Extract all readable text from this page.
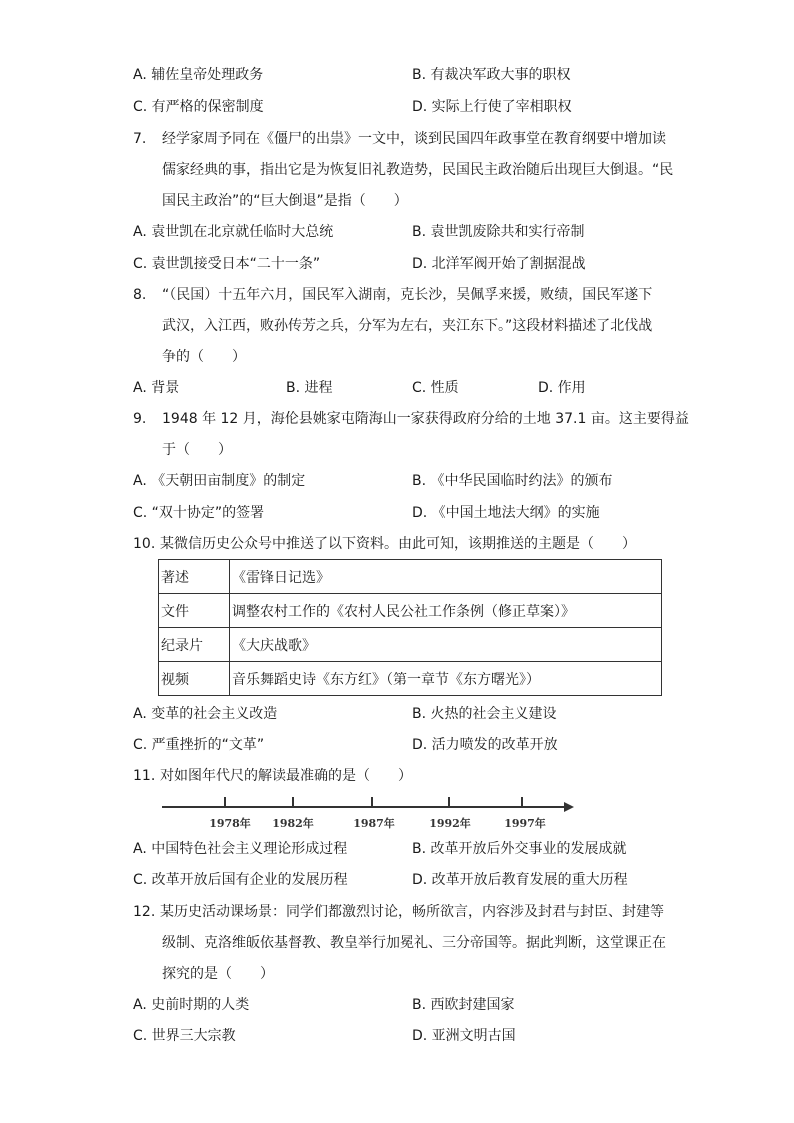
A. 辅佐皇帝处理政务	B. 有裁决军政大事的职权
C. 有严格的保密制度	D. 实际上行使了宰相职权
7. 经学家周予同在《僵尸的出祟》一文中，谈到民国四年政事堂在教育纲要中增加读
儒家经典的事，指出它是为恢复旧礼教造势，民国民主政治随后出现巨大倒退。“民
国民主政治”的“巨大倒退”是指（　　）
A. 袁世凯在北京就任临时大总统	B. 袁世凯废除共和实行帝制
C. 袁世凯接受日本“二十一条”	D. 北洋军阀开始了割据混战
8. “（民国）十五年六月，国民军入湖南，克长沙，吴佩孚来援，败绩，国民军遂下
武汉，入江西，败孙传芳之兵，分军为左右，夹江东下。”这段材料描述了北伐战
争的（　　）
A. 背景	B. 进程	C. 性质	D. 作用
9. 1948 年 12 月，海伦县姚家屯隋海山一家获得政府分给的土地 37.1 亩。这主要得益
于（　　）
A. 《天朝田亩制度》的制定	B. 《中华民国临时约法》的颁布
C. “双十协定”的签署	D. 《中国土地法大纲》的实施
10. 某微信历史公众号中推送了以下资料。由此可知，该期推送的主题是（　　）
著述	《雷锋日记选》
文件	调整农村工作的《农村人民公社工作条例（修正草案）》
纪录片	《大庆战歌》
视频	音乐舞蹈史诗《东方红》（第一章节《东方曙光》）
A. 变革的社会主义改造	B. 火热的社会主义建设
C. 严重挫折的“文革”	D. 活力喷发的改革开放
11. 对如图年代尺的解读最准确的是（　　）
1978年 1982年	1987年	1992年	1997年
A. 中国特色社会主义理论形成过程	B. 改革开放后外交事业的发展成就
C. 改革开放后国有企业的发展历程	D. 改革开放后教育发展的重大历程
12. 某历史活动课场景：同学们都激烈讨论，畅所欲言，内容涉及封君与封臣、封建等
级制、克洛维皈依基督教、教皇举行加冕礼、三分帝国等。据此判断，这堂课正在
探究的是（　　）
A. 史前时期的人类	B. 西欧封建国家
C. 世界三大宗教	D. 亚洲文明古国
